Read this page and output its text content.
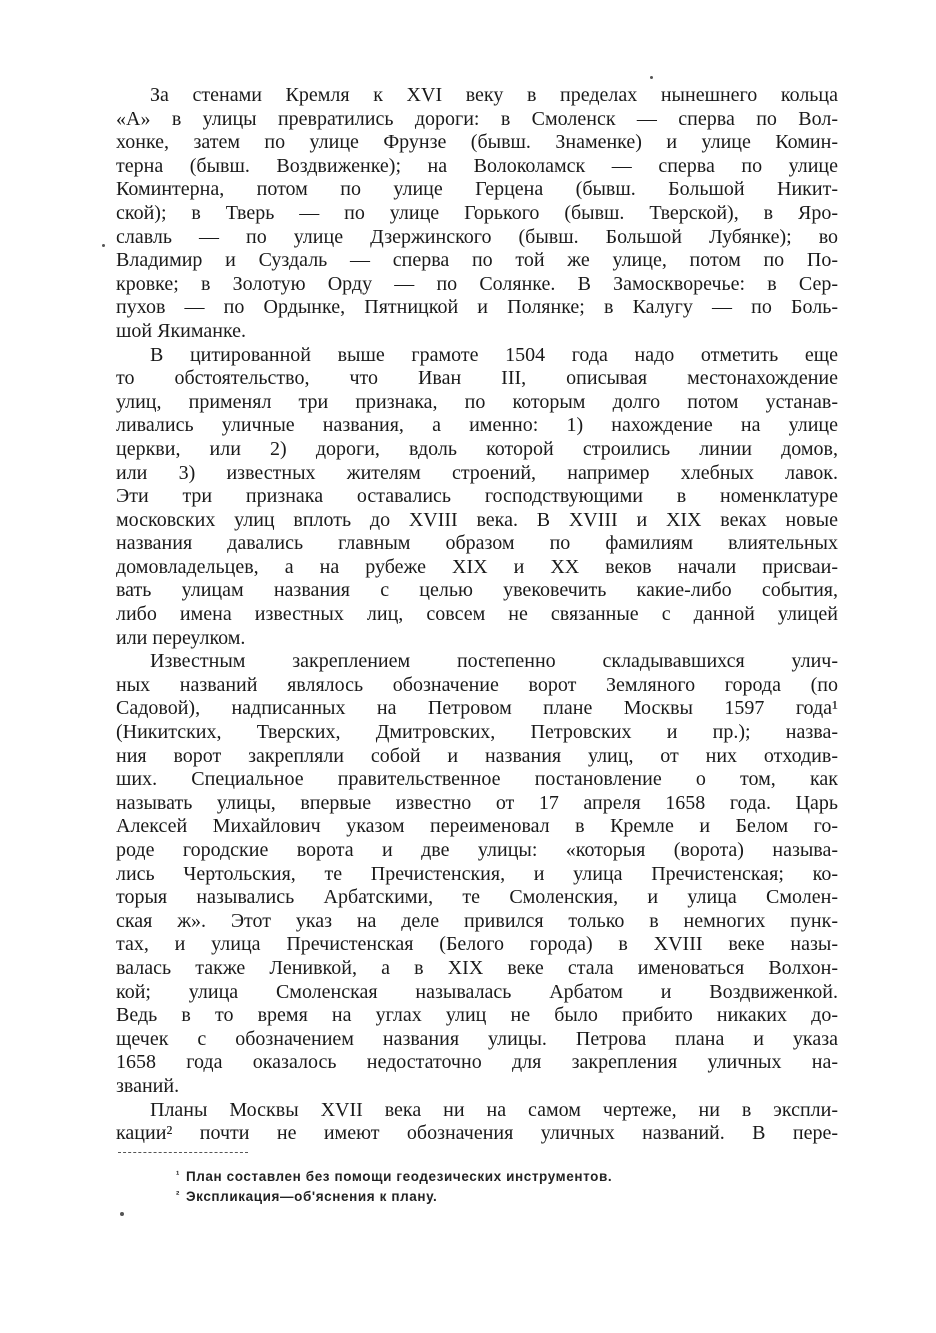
За стенами Кремля к XVI веку в пределах нынешнего кольца
«А» в улицы превратились дороги: в Смоленск — сперва по Вол-
хонке, затем по улице Фрунзе (бывш. Знаменке) и улице Комин-
терна (бывш. Воздвиженке); на Волоколамск — сперва по улице
Коминтерна, потом по улице Герцена (бывш. Большой Никит-
ской); в Тверь — по улице Горького (бывш. Тверской), в Яро-
славль — по улице Дзержинского (бывш. Большой Лубянке); во
Владимир и Суздаль — сперва по той же улице, потом по По-
кровке; в Золотую Орду — по Солянке. В Замоскворечье: в Сер-
пухов — по Ордынке, Пятницкой и Полянке; в Калугу — по Боль-
шой Якиманке.
В цитированной выше грамоте 1504 года надо отметить еще
то обстоятельство, что Иван III, описывая местонахождение
улиц, применял три признака, по которым долго потом устанав-
ливались уличные названия, а именно: 1) нахождение на улице
церкви, или 2) дороги, вдоль которой строились линии домов,
или 3) известных жителям строений, например хлебных лавок.
Эти три признака оставались господствующими в номенклатуре
московских улиц вплоть до XVIII века. В XVIII и XIX веках новые
названия давались главным образом по фамилиям влиятельных
домовладельцев, а на рубеже XIX и XX веков начали присваи-
вать улицам названия с целью увековечить какие-либо события,
либо имена известных лиц, совсем не связанные с данной улицей
или переулком.
Известным закреплением постепенно складывавшихся улич-
ных названий являлось обозначение ворот Земляного города (по
Садовой), надписанных на Петровом плане Москвы 1597 года¹
(Никитских, Тверских, Дмитровских, Петровских и пр.); назва-
ния ворот закрепляли собой и названия улиц, от них отходив-
ших. Специальное правительственное постановление о том, как
называть улицы, впервые известно от 17 апреля 1658 года. Царь
Алексей Михайлович указом переименовал в Кремле и Белом го-
роде городские ворота и две улицы: «которыя (ворота) называ-
лись Чертольския, те Пречистенския, и улица Пречистенская; ко-
торыя назывались Арбатскими, те Смоленския, и улица Смолен-
ская ж». Этот указ на деле привился только в немногих пунк-
тах, и улица Пречистенская (Белого города) в XVIII веке назы-
валась также Ленивкой, а в XIX веке стала именоваться Волхон-
кой; улица Смоленская называлась Арбатом и Воздвиженкой.
Ведь в то время на углах улиц не было прибито никаких до-
щечек с обозначением названия улицы. Петрова плана и указа
1658 года оказалось недостаточно для закрепления уличных на-
званий.
Планы Москвы XVII века ни на самом чертеже, ни в экспли-
кации² почти не имеют обозначения уличных названий. В пере-
$^{^1}$ План составлен без помощи геодезических инструментов.
$^{^2}$ Экспликация—об'яснения к плану.
